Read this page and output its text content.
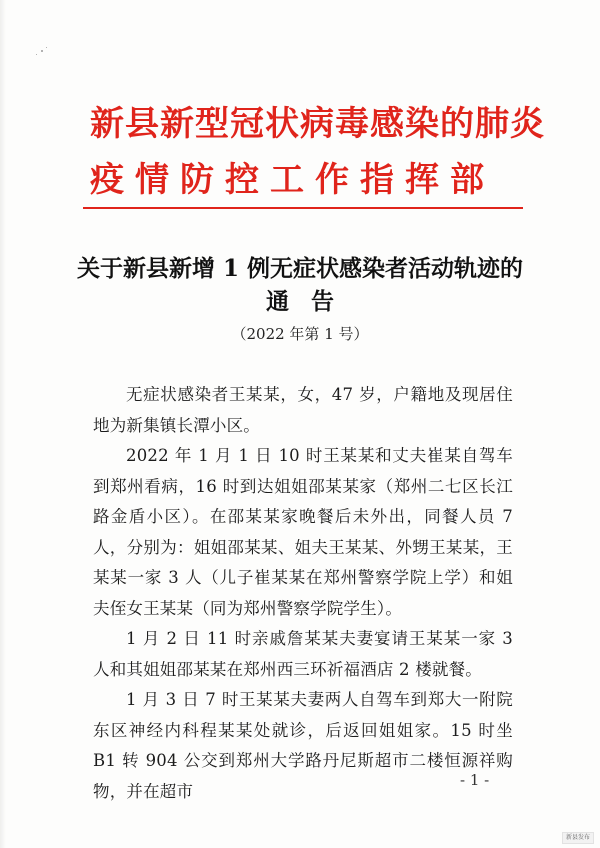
新县新型冠状病毒感染的肺炎
疫情防控工作指挥部
关于新县新增 1 例无症状感染者活动轨迹的
通告
（2022 年第 1 号）

无症状感染者王某某，女，47 岁，户籍地及现居住地为新集镇长潭小区。

2022 年 1 月 1 日 10 时王某某和丈夫崔某自驾车到郑州看病，16 时到达姐姐邵某某家（郑州二七区长江路金盾小区）。在邵某某家晚餐后未外出，同餐人员 7 人，分别为：姐姐邵某某、姐夫王某某、外甥王某某，王某某一家 3 人（儿子崔某某在郑州警察学院上学）和姐夫侄女王某某（同为郑州警察学院学生）。

1 月 2 日 11 时亲戚詹某某夫妻宴请王某某一家 3 人和其姐姐邵某某在郑州西三环祈福酒店 2 楼就餐。

1 月 3 日 7 时王某某夫妻两人自驾车到郑大一附院东区神经内科程某某处就诊，后返回姐姐家。15 时坐 B1 转 904 公交到郑州大学路丹尼斯超市二楼恒源祥购物，并在超市

- 1 -
新县发布
